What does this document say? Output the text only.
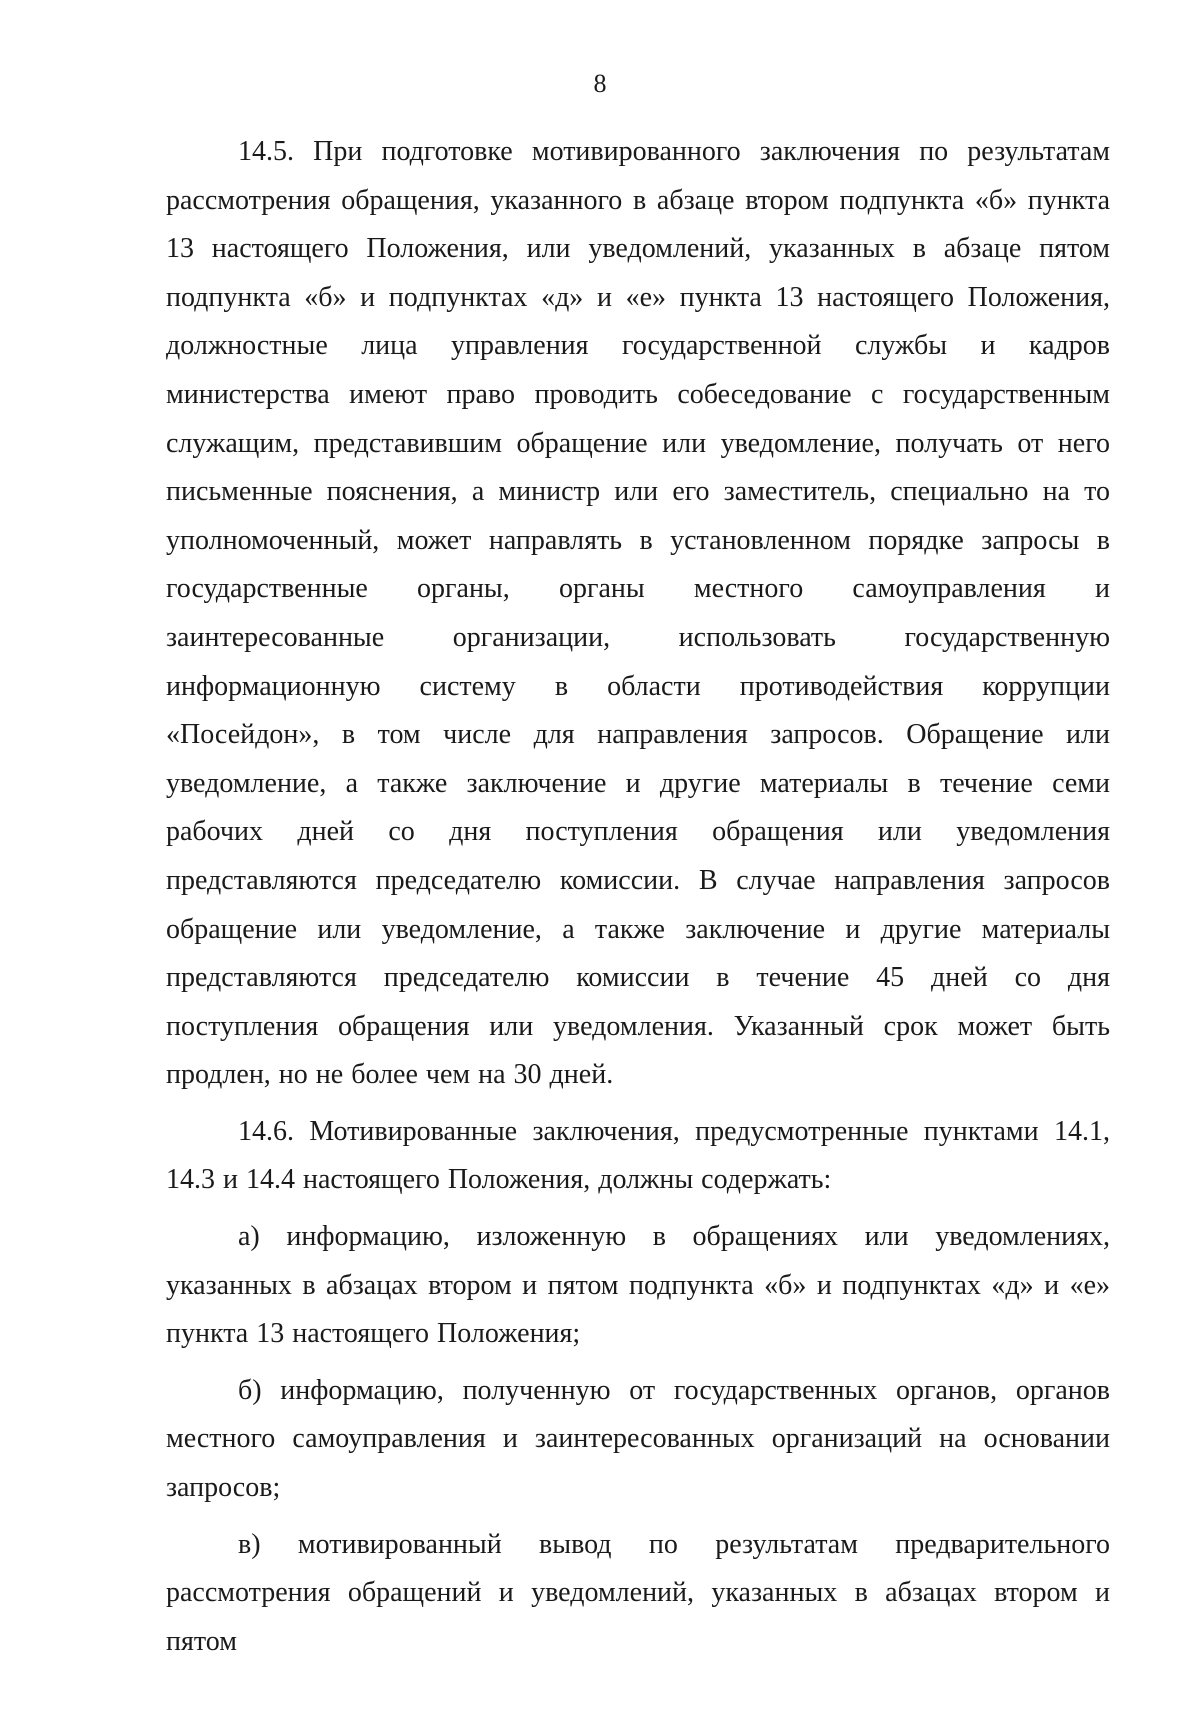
8

14.5. При подготовке мотивированного заключения по результатам рассмотрения обращения, указанного в абзаце втором подпункта «б» пункта 13 настоящего Положения, или уведомлений, указанных в абзаце пятом подпункта «б» и подпунктах «д» и «е» пункта 13 настоящего Положения, должностные лица управления государственной службы и кадров министерства имеют право проводить собеседование с государственным служащим, представившим обращение или уведомление, получать от него письменные пояснения, а министр или его заместитель, специально на то уполномоченный, может направлять в установленном порядке запросы в государственные органы, органы местного самоуправления и заинтересованные организации, использовать государственную информационную систему в области противодействия коррупции «Посейдон», в том числе для направления запросов. Обращение или уведомление, а также заключение и другие материалы в течение семи рабочих дней со дня поступления обращения или уведомления представляются председателю комиссии. В случае направления запросов обращение или уведомление, а также заключение и другие материалы представляются председателю комиссии в течение 45 дней со дня поступления обращения или уведомления. Указанный срок может быть продлен, но не более чем на 30 дней.

14.6. Мотивированные заключения, предусмотренные пунктами 14.1, 14.3 и 14.4 настоящего Положения, должны содержать:

а) информацию, изложенную в обращениях или уведомлениях, указанных в абзацах втором и пятом подпункта «б» и подпунктах «д» и «е» пункта 13 настоящего Положения;

б) информацию, полученную от государственных органов, органов местного самоуправления и заинтересованных организаций на основании запросов;

в) мотивированный вывод по результатам предварительного рассмотрения обращений и уведомлений, указанных в абзацах втором и пятом
